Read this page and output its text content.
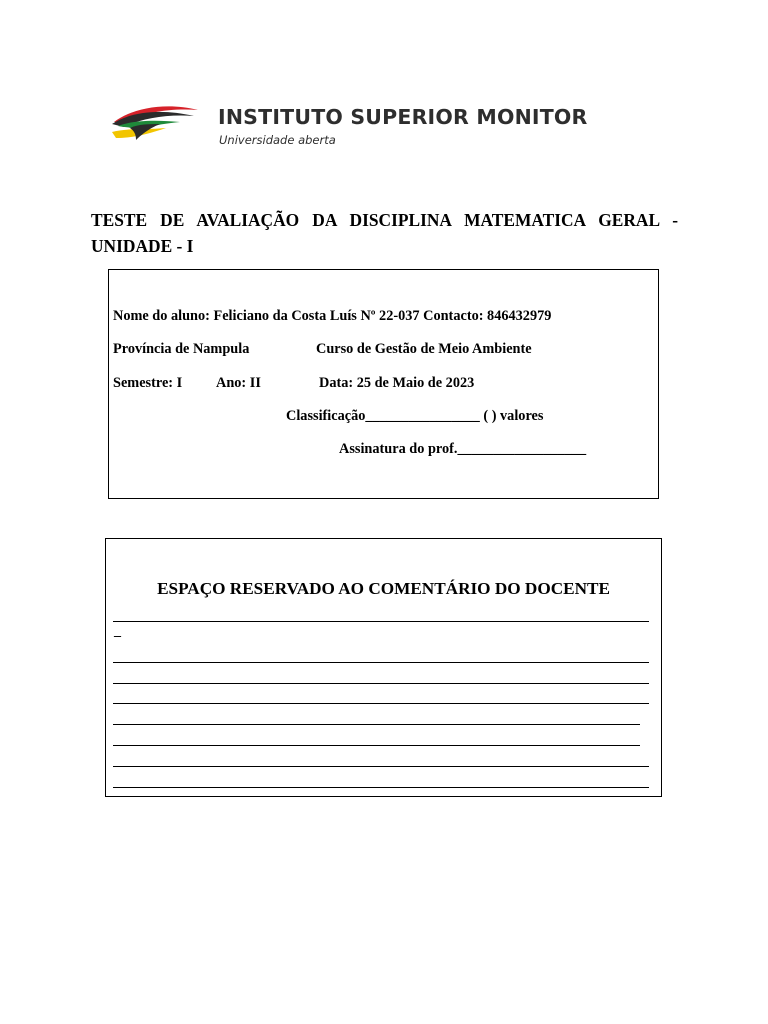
INSTITUTO SUPERIOR MONITOR
Universidade aberta
TESTE DE AVALIAÇÃO DA DISCIPLINA MATEMATICA GERAL - UNIDADE - I
Nome do aluno: Feliciano da Costa Luís Nº 22-037 Contacto: 846432979
Província de Nampula	Curso de Gestão de Meio Ambiente
Semestre: I Ano: II	Data: 25 de Maio de 2023
Classificação________________ ( ) valores
Assinatura do prof.__________________
ESPAÇO RESERVADO AO COMENTÁRIO DO DOCENTE
_
